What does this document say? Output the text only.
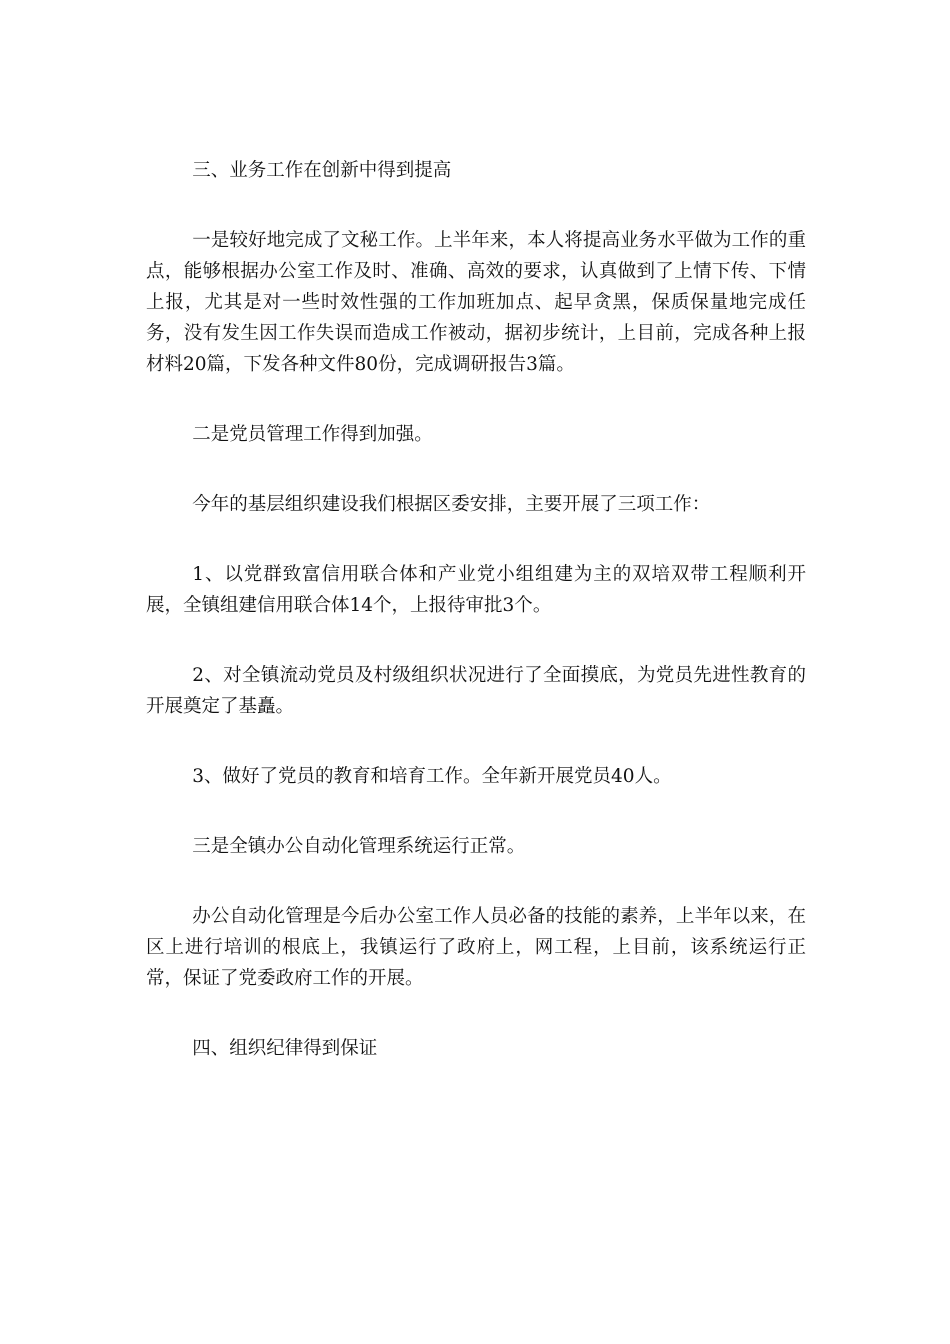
三、业务工作在创新中得到提高

一是较好地完成了文秘工作。上半年来，本人将提高业务水平做为工作的重点，能够根据办公室工作及时、准确、高效的要求，认真做到了上情下传、下情上报，尤其是对一些时效性强的工作加班加点、起早贪黑，保质保量地完成任务，没有发生因工作失误而造成工作被动，据初步统计，上目前，完成各种上报材料20篇，下发各种文件80份，完成调研报告3篇。

二是党员管理工作得到加强。

今年的基层组织建设我们根据区委安排，主要开展了三项工作：

1、以党群致富信用联合体和产业党小组组建为主的双培双带工程顺利开展，全镇组建信用联合体14个，上报待审批3个。

2、对全镇流动党员及村级组织状况进行了全面摸底，为党员先进性教育的开展奠定了基矗。

3、做好了党员的教育和培育工作。全年新开展党员40人。

三是全镇办公自动化管理系统运行正常。

办公自动化管理是今后办公室工作人员必备的技能的素养，上半年以来，在区上进行培训的根底上，我镇运行了政府上，网工程，上目前，该系统运行正常，保证了党委政府工作的开展。

四、组织纪律得到保证
